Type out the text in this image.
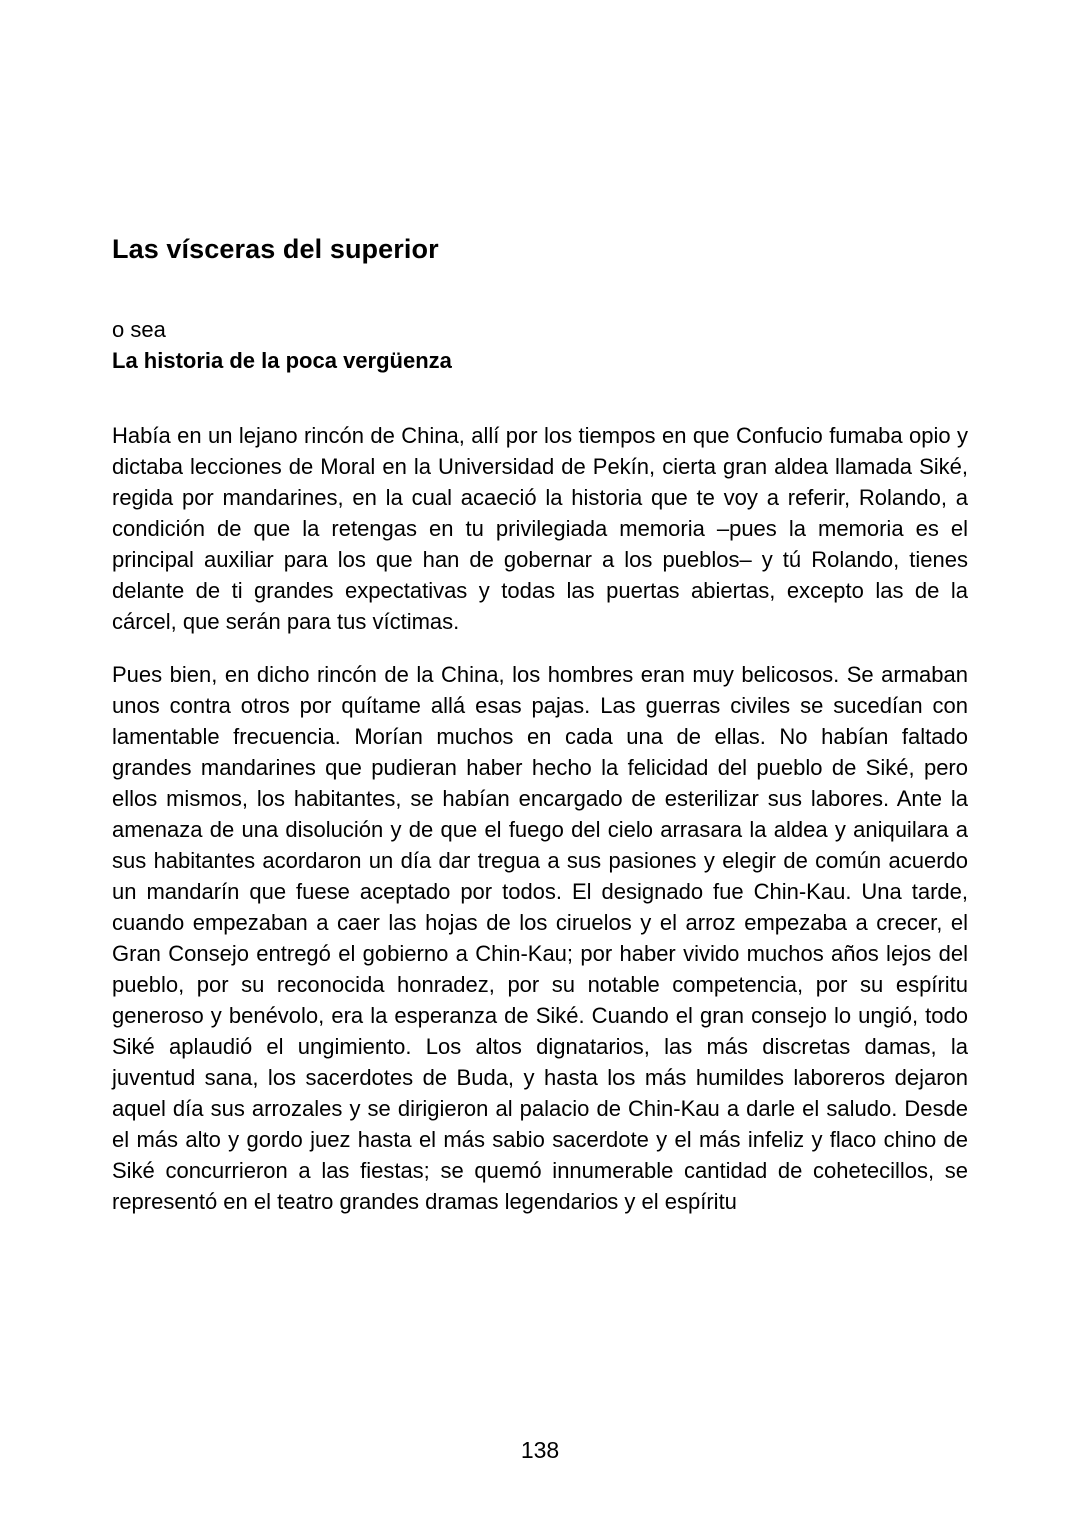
Las vísceras del superior

o sea

La historia de la poca vergüenza

Había en un lejano rincón de China, allí por los tiempos en que Confucio fumaba opio y dictaba lecciones de Moral en la Universidad de Pekín, cierta gran aldea llamada Siké, regida por mandarines, en la cual acaeció la historia que te voy a referir, Rolando, a condición de que la retengas en tu privilegiada memoria –pues la memoria es el principal auxiliar para los que han de gobernar a los pueblos– y tú Rolando, tienes delante de ti grandes expectativas y todas las puertas abiertas, excepto las de la cárcel, que serán para tus víctimas.

Pues bien, en dicho rincón de la China, los hombres eran muy belicosos. Se armaban unos contra otros por quítame allá esas pajas. Las guerras civiles se sucedían con lamentable frecuencia. Morían muchos en cada una de ellas. No habían faltado grandes mandarines que pudieran haber hecho la felicidad del pueblo de Siké, pero ellos mismos, los habitantes, se habían encargado de esterilizar sus labores. Ante la amenaza de una disolución y de que el fuego del cielo arrasara la aldea y aniquilara a sus habitantes acordaron un día dar tregua a sus pasiones y elegir de común acuerdo un mandarín que fuese aceptado por todos. El designado fue Chin-Kau. Una tarde, cuando empezaban a caer las hojas de los ciruelos y el arroz empezaba a crecer, el Gran Consejo entregó el gobierno a Chin-Kau; por haber vivido muchos años lejos del pueblo, por su reconocida honradez, por su notable competencia, por su espíritu generoso y benévolo, era la esperanza de Siké. Cuando el gran consejo lo ungió, todo Siké aplaudió el ungimiento. Los altos dignatarios, las más discretas damas, la juventud sana, los sacerdotes de Buda, y hasta los más humildes laboreros dejaron aquel día sus arrozales y se dirigieron al palacio de Chin-Kau a darle el saludo. Desde el más alto y gordo juez hasta el más sabio sacerdote y el más infeliz y flaco chino de Siké concurrieron a las fiestas; se quemó innumerable cantidad de cohetecillos, se representó en el teatro grandes dramas legendarios y el espíritu

138
